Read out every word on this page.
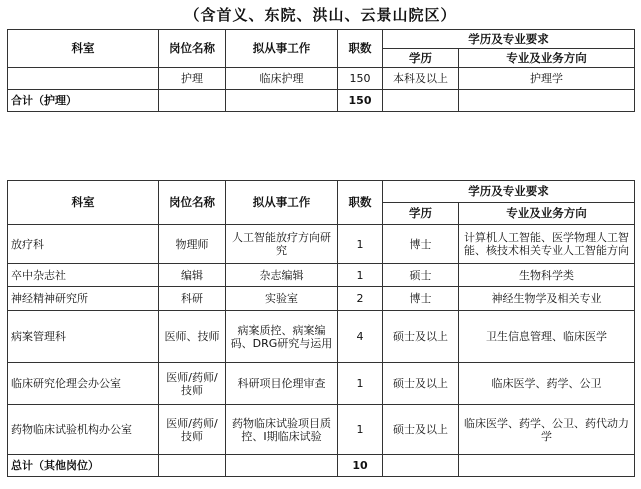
（含首义、东院、洪山、云景山院区）
科室	岗位名称	拟从事工作	职数	学历及专业要求	
				学历	专业及业务方向
	护理	临床护理	150	本科及以上	护理学
合计（护理）			150		
科室	岗位名称	拟从事工作	职数	学历及专业要求	
				学历	专业及业务方向
放疗科	物理师	人工智能放疗方向研究	1	博士	计算机人工智能、医学物理人工智能、核技术相关专业人工智能方向
卒中杂志社	编辑	杂志编辑	1	硕士	生物科学类
神经精神研究所	科研	实验室	2	博士	神经生物学及相关专业
病案管理科	医师、技师	病案质控、病案编码、DRG研究与运用	4	硕士及以上	卫生信息管理、临床医学
临床研究伦理会办公室	医师/药师/技师	科研项目伦理审查	1	硕士及以上	临床医学、药学、公卫
药物临床试验机构办公室	医师/药师/技师	药物临床试验项目质控、I期临床试验	1	硕士及以上	临床医学、药学、公卫、药代动力学
总计（其他岗位）			10		
